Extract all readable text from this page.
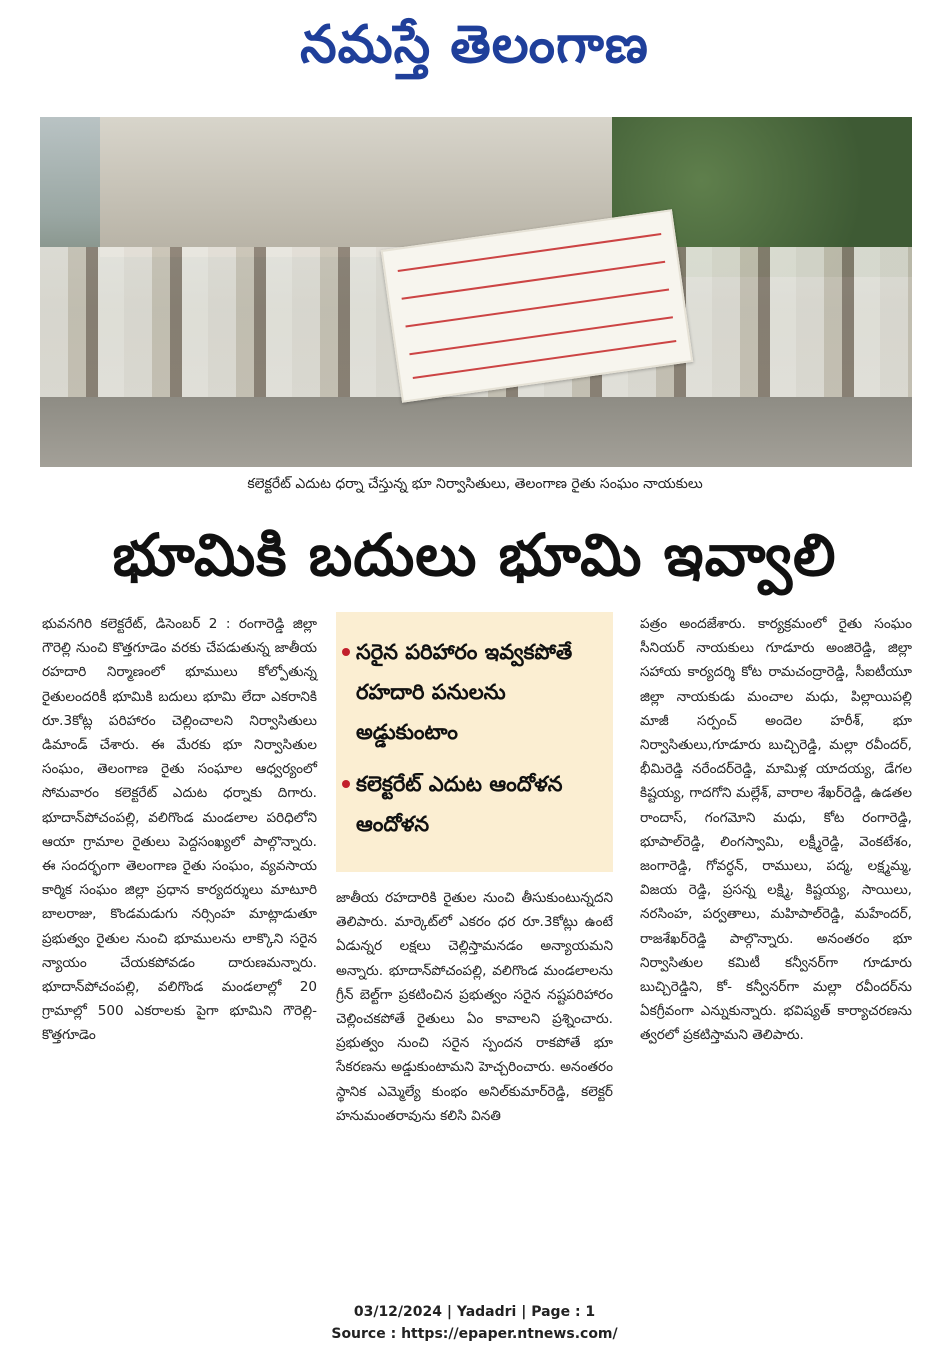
నమస్తే తెలంగాణ
కలెక్టరేట్ ఎదుట ధర్నా చేస్తున్న భూ నిర్వాసితులు, తెలంగాణ రైతు సంఘం నాయకులు
భూమికి బదులు భూమి ఇవ్వాలి

భువనగిరి కలెక్టరేట్, డిసెంబర్ 2 : రంగారెడ్డి జిల్లా గౌరెల్లి నుంచి కొత్తగూడెం వరకు చేపడుతున్న జాతీయ రహదారి నిర్మాణంలో భూములు కోల్పోతున్న రైతులందరికీ భూమికి బదులు భూమి లేదా ఎకరానికి రూ.3కోట్ల పరిహారం చెల్లించాలని నిర్వాసితులు డిమాండ్ చేశారు. ఈ మేరకు భూ నిర్వాసితుల సంఘం, తెలంగాణ రైతు సంఘాల ఆధ్వర్యంలో సోమవారం కలెక్టరేట్ ఎదుట ధర్నాకు దిగారు. భూదాన్‌పోచంపల్లి, వలిగొండ మండలాల పరిధిలోని ఆయా గ్రామాల రైతులు పెద్దసంఖ్యలో పాల్గొన్నారు. ఈ సందర్భంగా తెలంగాణ రైతు సంఘం, వ్యవసాయ కార్మిక సంఘం జిల్లా ప్రధాన కార్యదర్శులు మాటూరి బాలరాజు, కొండమడుగు నర్సింహ మాట్లాడుతూ ప్రభుత్వం రైతుల నుంచి భూములను లాక్కొని సరైన న్యాయం చేయకపోవడం దారుణమన్నారు. భూదాన్‌పోచంపల్లి, వలిగొండ మండలాల్లో 20 గ్రామాల్లో 500 ఎకరాలకు పైగా భూమిని గౌరెల్లి-కొత్తగూడెం

సరైన పరిహారం ఇవ్వకపోతే రహదారి పనులను అడ్డుకుంటాం
కలెక్టరేట్ ఎదుట ఆందోళన ఆందోళన

జాతీయ రహదారికి రైతుల నుంచి తీసుకుంటున్నదని తెలిపారు. మార్కెట్‌లో ఎకరం ధర రూ.3కోట్లు ఉంటే ఏడున్నర లక్షలు చెల్లిస్తామనడం అన్యాయమని అన్నారు. భూదాన్‌పోచంపల్లి, వలిగొండ మండలాలను గ్రీన్ బెల్ట్‌గా ప్రకటించిన ప్రభుత్వం సరైన నష్టపరిహారం చెల్లించకపోతే రైతులు ఏం కావాలని ప్రశ్నించారు. ప్రభుత్వం నుంచి సరైన స్పందన రాకపోతే భూ సేకరణను అడ్డుకుంటామని హెచ్చరించారు. అనంతరం స్థానిక ఎమ్మెల్యే కుంభం అనిల్‌కుమార్‌రెడ్డి, కలెక్టర్ హనుమంతరావును కలిసి వినతి

పత్రం అందజేశారు. కార్యక్రమంలో రైతు సంఘం సీనియర్ నాయకులు గూడూరు అంజిరెడ్డి, జిల్లా సహాయ కార్యదర్శి కోట రామచంద్రారెడ్డి, సీఐటీయూ జిల్లా నాయకుడు మంచాల మధు, పిల్లాయిపల్లి మాజీ సర్పంచ్ అందెల హరీశ్, భూ నిర్వాసితులు,గూడూరు బుచ్చిరెడ్డి, మల్లా రవీందర్, భీమిరెడ్డి నరేందర్‌రెడ్డి, మామిళ్ల యాదయ్య, డేగల కిష్టయ్య, గాదగోని మల్లేశ్, వారాల శేఖర్‌రెడ్డి, ఉడతల రాందాస్, గంగమోని మధు, కోట రంగారెడ్డి, భూపాల్‌రెడ్డి, లింగస్వామి, లక్ష్మీరెడ్డి, వెంకటేశం, జంగారెడ్డి, గోవర్ధన్, రాములు, పద్మ, లక్ష్మమ్మ, విజయ రెడ్డి, ప్రసన్న లక్ష్మి, కిష్టయ్య, సాయిలు, నరసింహ, పర్వతాలు, మహిపాల్‌రెడ్డి, మహేందర్, రాజశేఖర్‌రెడ్డి పాల్గొన్నారు. అనంతరం భూ నిర్వాసితుల కమిటీ కన్వీనర్‌గా గూడూరు బుచ్చిరెడ్డిని, కో- కన్వీనర్‌గా మల్లా రవీందర్‌ను ఏకగ్రీవంగా ఎన్నుకున్నారు. భవిష్యత్ కార్యాచరణను త్వరలో ప్రకటిస్తామని తెలిపారు.

03/12/2024 | Yadadri | Page : 1
Source : https://epaper.ntnews.com/
